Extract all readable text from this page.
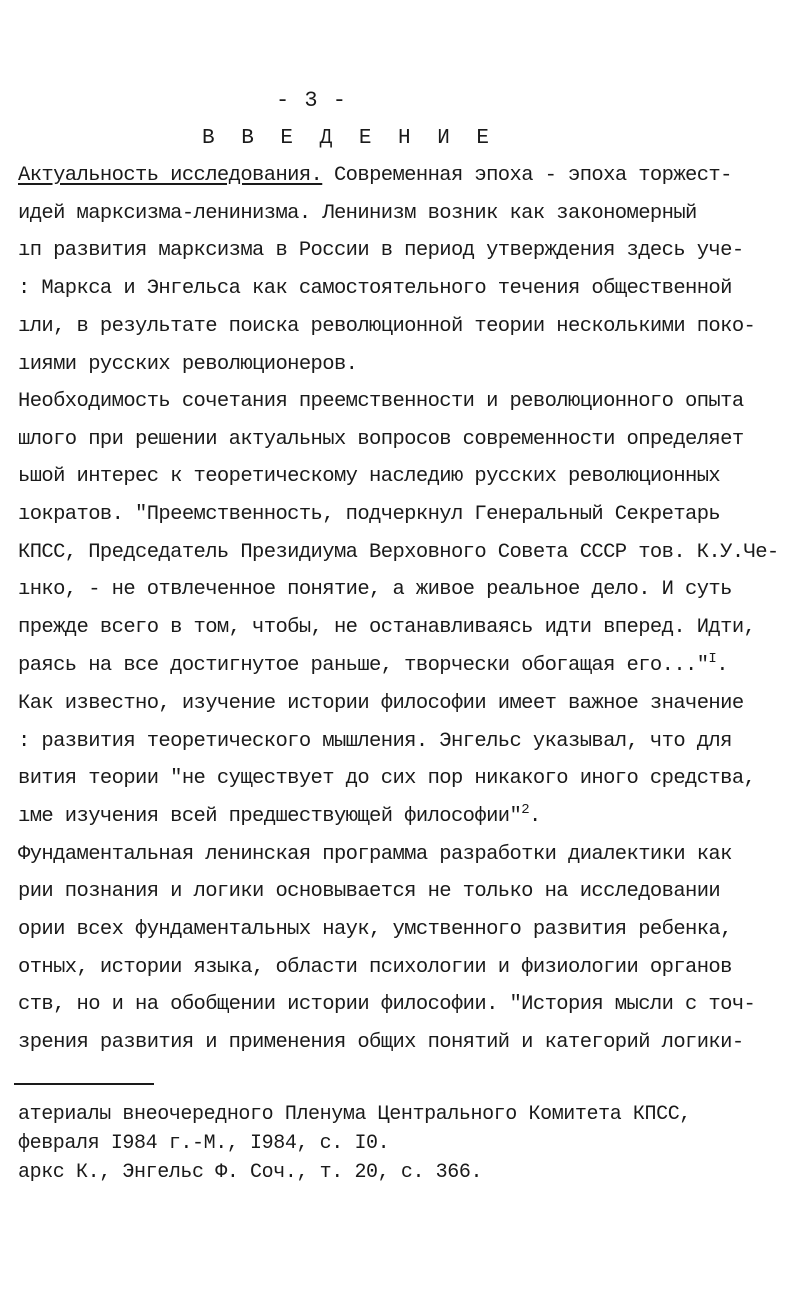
- 3 -
В В Е Д Е Н И Е
Актуальность исследования. Современная эпоха - эпоха торжест-
идей марксизма-ленинизма. Ленинизм возник как закономерный
ıп развития марксизма в России в период утверждения здесь уче-
: Маркса и Энгельса как самостоятельного течения общественной
ıли, в результате поиска революционной теории несколькими поко-
ıиями русских революционеров.
Необходимость сочетания преемственности и революционного опыта
шлого при решении актуальных вопросов современности определяет
ьшой интерес к теоретическому наследию русских революционных
ıократов. "Преемственность, подчеркнул Генеральный Секретарь
КПСС, Председатель Президиума Верховного Совета СССР тов. К.У.Че-
ıнко, - не отвлеченное понятие, а живое реальное дело. И суть
прежде всего в том, чтобы, не останавливаясь идти вперед. Идти,
раясь на все достигнутое раньше, творчески обогащая его..."$^I$.
Как известно, изучение истории философии имеет важное значение
: развития теоретического мышления. Энгельс указывал, что для
вития теории "не существует до сих пор никакого иного средства,
ıме изучения всей предшествующей философии"$^2$.
Фундаментальная ленинская программа разработки диалектики как
рии познания и логики основывается не только на исследовании
ории всех фундаментальных наук, умственного развития ребенка,
отных, истории языка, области психологии и физиологии органов
ств, но и на обобщении истории философии. "История мысли с точ-
зрения развития и применения общих понятий и категорий логики-
атериалы внеочередного Пленума Центрального Комитета КПСС,
февраля I984 г.-М., I984, с. I0.
аркс К., Энгельс Ф. Соч., т. 20, с. 366.
